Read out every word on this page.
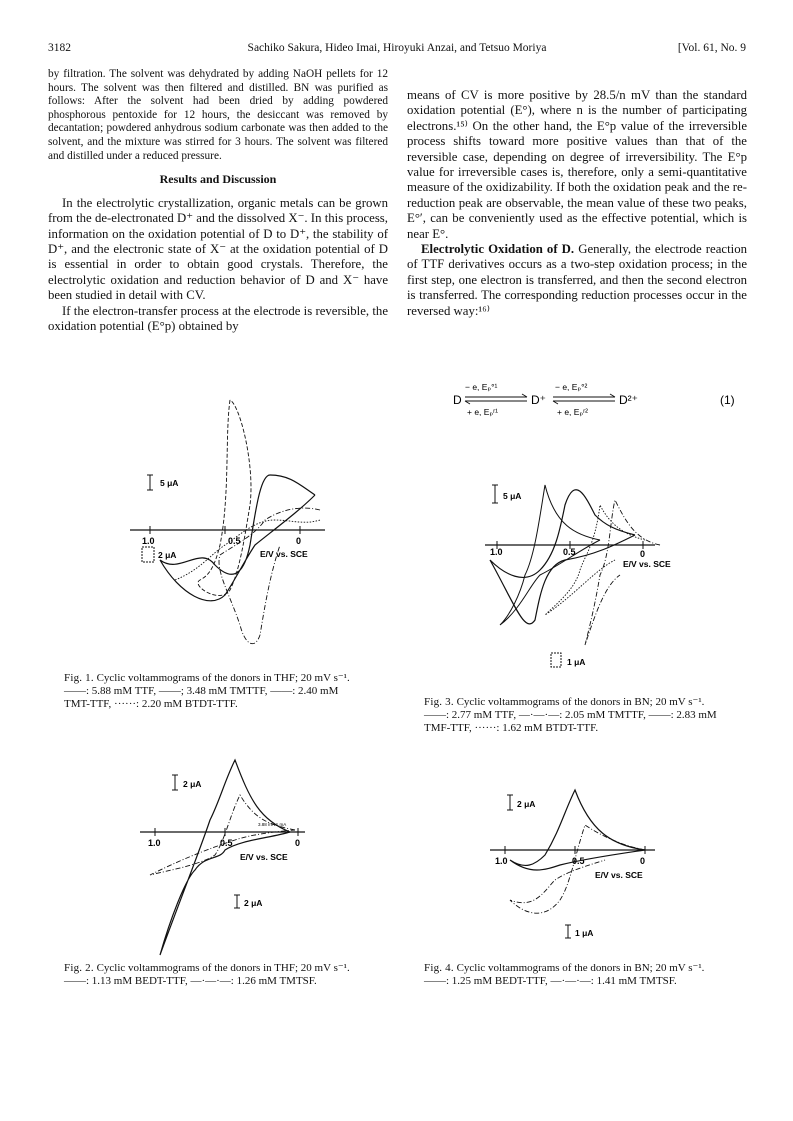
3182	Sachiko Sakura, Hideo Imai, Hiroyuki Anzai, and Tetsuo Moriya	[Vol. 61, No. 9

by filtration. The solvent was dehydrated by adding NaOH pellets for 12 hours. The solvent was then filtered and distilled. BN was purified as follows: After the solvent had been dried by adding powdered phosphorous pentoxide for 12 hours, the desiccant was removed by decantation; powdered anhydrous sodium carbonate was then added to the solvent, and the mixture was stirred for 3 hours. The solvent was filtered and distilled under a reduced pressure.

Results and Discussion

In the electrolytic crystallization, organic metals can be grown from the de-electronated D⁺ and the dissolved X⁻. In this process, information on the oxidation potential of D to D⁺, the stability of D⁺, and the electronic state of X⁻ at the oxidation potential of D is essential in order to obtain good crystals. Therefore, the electrolytic oxidation and reduction behavior of D and X⁻ have been studied in detail with CV.

If the electron-transfer process at the electrode is reversible, the oxidation potential (E°p) obtained by

means of CV is more positive by 28.5/n mV than the standard oxidation potential (E°), where n is the number of participating electrons.¹⁵⁾ On the other hand, the E°p value of the irreversible process shifts toward more positive values than that of the reversible case, depending on degree of irreversibility. The E°p value for irreversible cases is, therefore, only a semi-quantitative measure of the oxidizability. If both the oxidation peak and the re-reduction peak are observable, the mean value of these two peaks, E°′, can be conveniently used as the effective potential, which is near E°.

Electrolytic Oxidation of D. Generally, the electrode reaction of TTF derivatives occurs as a two-step oxidation process; in the first step, one electron is transferred, and then the second electron is transferred. The corresponding reduction processes occur in the reversed way:¹⁶⁾

D
− e, Eₚ°¹
+ e, Eₚʳ¹
D⁺
− e, Eₚ°²
+ e, Eₚʳ²
D²⁺	(1)
5 μA
1.0	0.5	0
E/V vs. SCE
2 μA
Fig. 1. Cyclic voltammograms of the donors in THF; 20 mV s⁻¹.
——: 5.88 mM TTF, ——; 3.48 mM TMTTF, ——: 2.40 mM TMT-TTF, ······: 2.20 mM BTDT-TTF.
2 μA
1.0	0.5	0
E/V vs. SCE
3.88 mA 1 mA
2 μA
Fig. 2. Cyclic voltammograms of the donors in THF; 20 mV s⁻¹.
——: 1.13 mM BEDT-TTF, —·—·—: 1.26 mM TMTSF.
5 μA
1.0	0.5	0
E/V vs. SCE
1 μA
Fig. 3. Cyclic voltammograms of the donors in BN; 20 mV s⁻¹.
——: 2.77 mM TTF, —·—·—: 2.05 mM TMTTF, ——: 2.83 mM TMF-TTF, ······: 1.62 mM BTDT-TTF.
2 μA
1.0	0.5	0
E/V vs. SCE
1 μA
Fig. 4. Cyclic voltammograms of the donors in BN; 20 mV s⁻¹.
——: 1.25 mM BEDT-TTF, —·—·—: 1.41 mM TMTSF.
